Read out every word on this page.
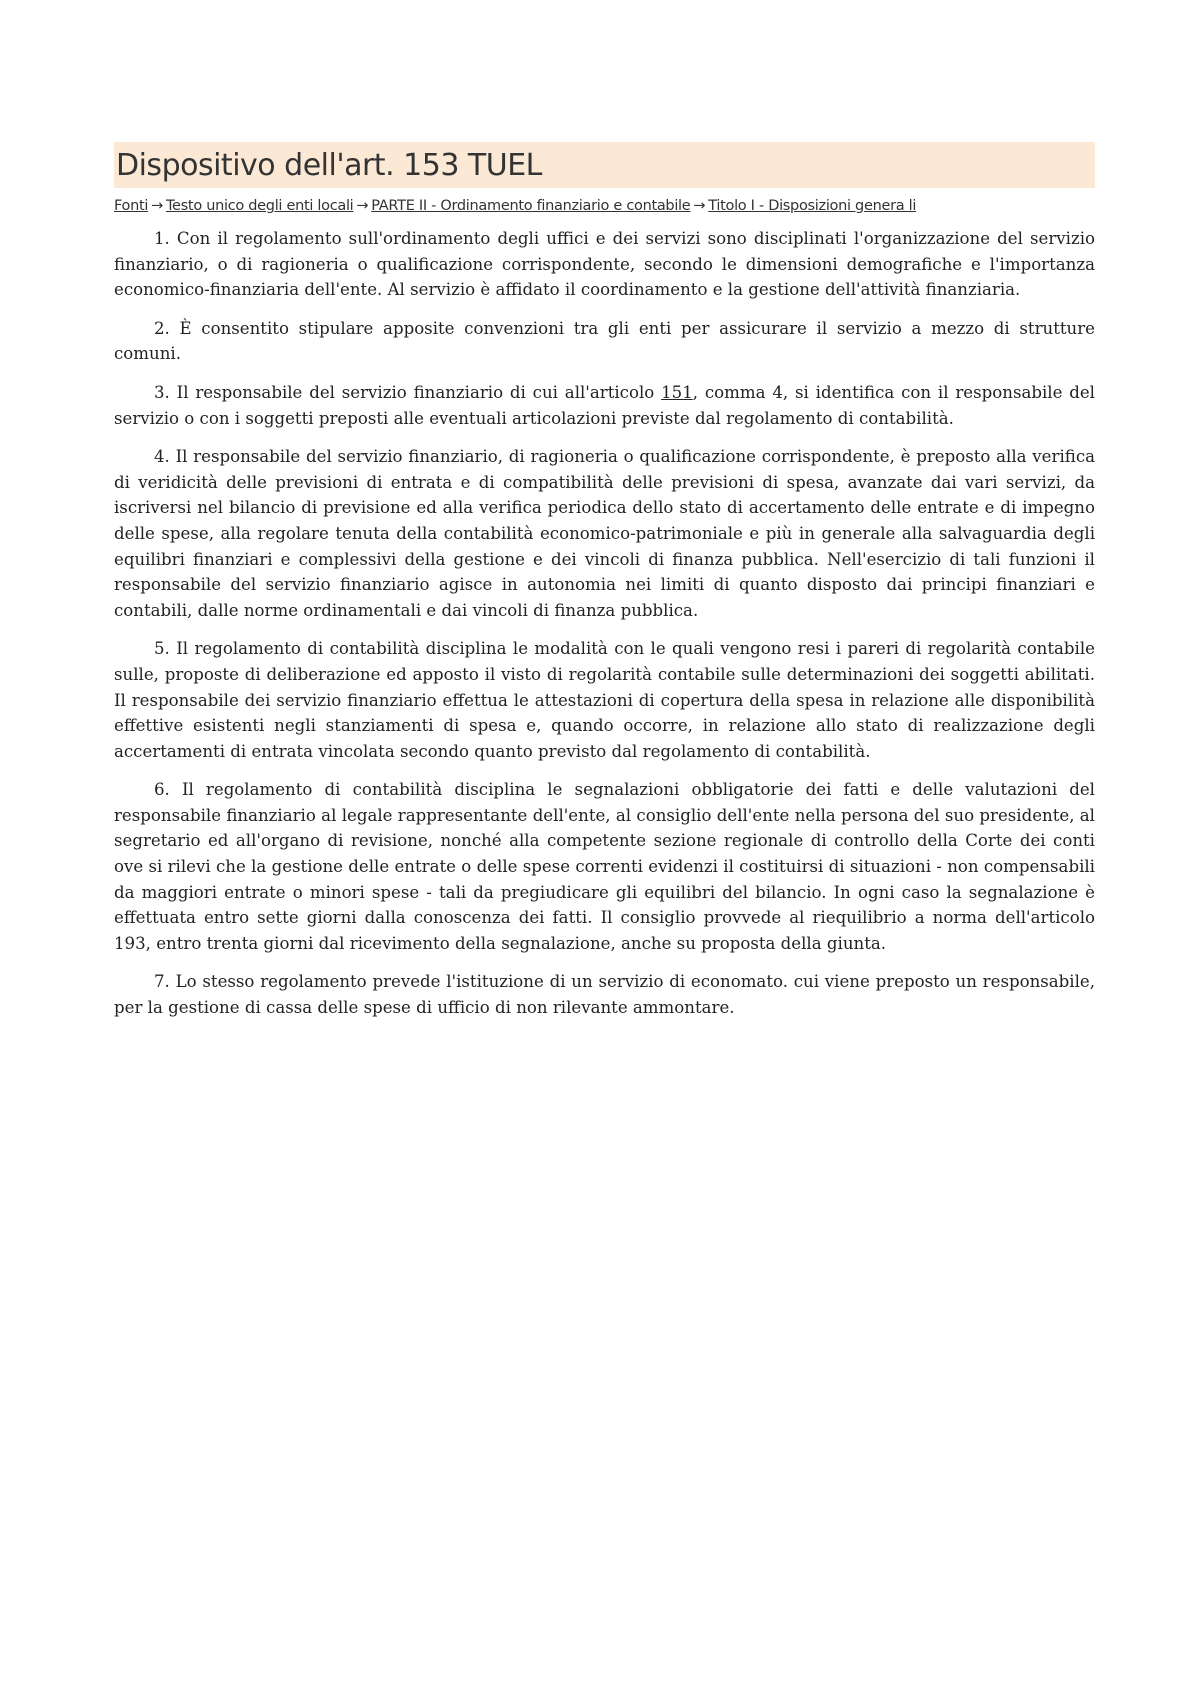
Dispositivo dell'art. 153 TUEL
Fonti → Testo unico degli enti locali → PARTE II - Ordinamento finanziario e contabile → Titolo I - Disposizioni genera li

1. Con il regolamento sull'ordinamento degli uffici e dei servizi sono disciplinati l'organizzazione del servizio finanziario, o di ragioneria o qualificazione corrispondente, secondo le dimensioni demografiche e l'importanza economico-finanziaria dell'ente. Al servizio è affidato il coordinamento e la gestione dell'attività finanziaria.

2. È consentito stipulare apposite convenzioni tra gli enti per assicurare il servizio a mezzo di strutture comuni.

3. Il responsabile del servizio finanziario di cui all'articolo 151, comma 4, si identifica con il responsabile del servizio o con i soggetti preposti alle eventuali articolazioni previste dal regolamento di contabilità.

4. Il responsabile del servizio finanziario, di ragioneria o qualificazione corrispondente, è preposto alla verifica di veridicità delle previsioni di entrata e di compatibilità delle previsioni di spesa, avanzate dai vari servizi, da iscriversi nel bilancio di previsione ed alla verifica periodica dello stato di accertamento delle entrate e di impegno delle spese, alla regolare tenuta della contabilità economico-patrimoniale e più in generale alla salvaguardia degli equilibri finanziari e complessivi della gestione e dei vincoli di finanza pubblica. Nell'esercizio di tali funzioni il responsabile del servizio finanziario agisce in autonomia nei limiti di quanto disposto dai principi finanziari e contabili, dalle norme ordinamentali e dai vincoli di finanza pubblica.

5. Il regolamento di contabilità disciplina le modalità con le quali vengono resi i pareri di regolarità contabile sulle, proposte di deliberazione ed apposto il visto di regolarità contabile sulle determinazioni dei soggetti abilitati. Il responsabile dei servizio finanziario effettua le attestazioni di copertura della spesa in relazione alle disponibilità effettive esistenti negli stanziamenti di spesa e, quando occorre, in relazione allo stato di realizzazione degli accertamenti di entrata vincolata secondo quanto previsto dal regolamento di contabilità.

6. Il regolamento di contabilità disciplina le segnalazioni obbligatorie dei fatti e delle valutazioni del responsabile finanziario al legale rappresentante dell'ente, al consiglio dell'ente nella persona del suo presidente, al segretario ed all'organo di revisione, nonché alla competente sezione regionale di controllo della Corte dei conti ove si rilevi che la gestione delle entrate o delle spese correnti evidenzi il costituirsi di situazioni - non compensabili da maggiori entrate o minori spese - tali da pregiudicare gli equilibri del bilancio. In ogni caso la segnalazione è effettuata entro sette giorni dalla conoscenza dei fatti. Il consiglio provvede al riequilibrio a norma dell'articolo 193, entro trenta giorni dal ricevimento della segnalazione, anche su proposta della giunta.

7. Lo stesso regolamento prevede l'istituzione di un servizio di economato. cui viene preposto un responsabile, per la gestione di cassa delle spese di ufficio di non rilevante ammontare.
